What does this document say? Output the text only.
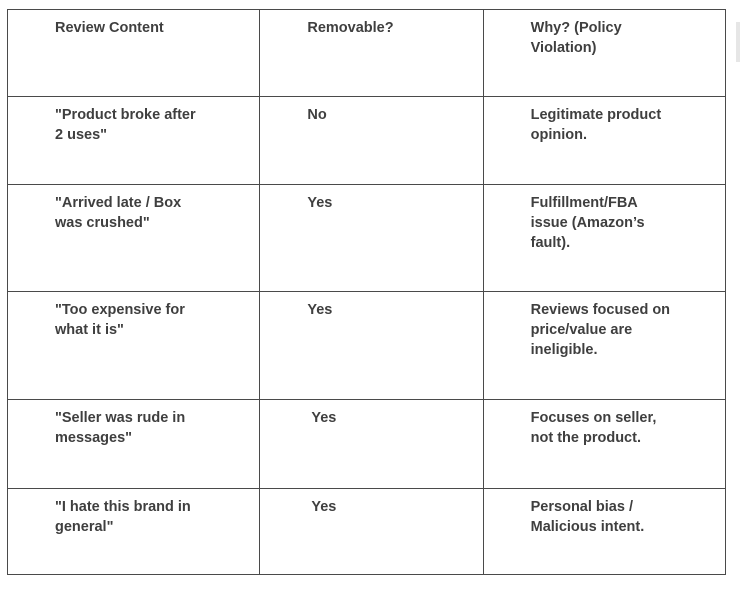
Review Content	Removable?	Why? (Policy
Violation)

"Product broke after
2 uses"	No	Legitimate product
opinion.

"Arrived late / Box
was crushed"	Yes	Fulfillment/FBA
issue (Amazon’s
fault).

"Too expensive for
what it is"	Yes	Reviews focused on
price/value are
ineligible.

"Seller was rude in
messages"	Yes	Focuses on seller,
not the product.

"I hate this brand in
general"	Yes	Personal bias /
Malicious intent.
